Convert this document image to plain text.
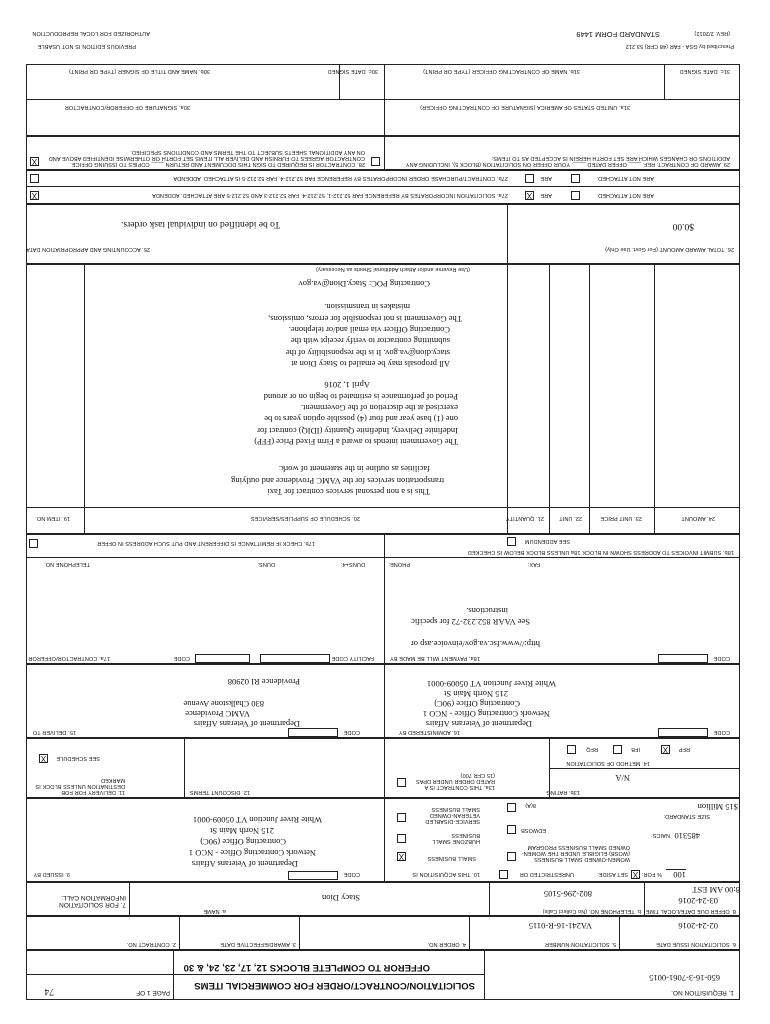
1. REQUISITION NO.
650-16-3-7061-0015
PAGE 1 OF
74	SOLICITATION/CONTRACT/ORDER FOR COMMERCIAL ITEMS
OFFEROR TO COMPLETE BLOCKS 12, 17, 23, 24, & 30
6. SOLICITATION ISSUE DATE
02-24-2016
5. SOLICITATION NUMBER
VA241-16-R-0115
4. ORDER NO.
3. AWARD/EFFECTIVE DATE
2. CONTRACT NO.
8. OFFER DUE DATE/LOCAL TIME
03-24-2016
8:00 AM EST
b. TELEPHONE NO. (No Collect Calls)
802-296-5105
a. NAME
Stacy Dion
7. FOR SOLICITATION INFORMATION CALL:
% FOR:	100
X
SET ASIDE:
UNRESTRICTED OR
10. THIS ACQUISITION IS
WOMEN-OWNED SMALL BUSINESS (WOSB) ELIGIBLE UNDER THE WOMEN-OWNED SMALL BUSINESS PROGRAM
X	SMALL BUSINESS
NAICS: 485310
HUBZONE SMALL BUSINESS
EDWOSB
SIZE STANDARD:
$15 Million
SERVICE-DISABLED VETERAN-OWNED SMALL BUSINESS
8(A)
CODE
9. ISSUED BY
Department of Veterans Affairs
Network Contracting Office - NCO 1
Contracting Office (90C)
215 North Main St
White River Junction VT 05009-0001
13b. RATING
N/A
14. METHOD OF SOLICITATION
X	RFP
IFB
RFQ
13a. THIS CONTRACT IS A RATED ORDER UNDER DPAS (15 CFR 700)
12. DISCOUNT TERMS
11. DELIVERY FOR FOB DESTINATION UNLESS BLOCK IS MARKED
X	SEE SCHEDULE
CODE
16. ADMINISTERED BY
Department of Veterans Affairs
Network Contracting Office - NCO 1
Contracting Office (90C)
215 North Main St
White River Junction VT 05009-0001
CODE
15. DELIVER TO
Department of Veterans Affairs
VAMC Providence
830 Chalkstone Avenue
Providence RI 02908
CODE
18a. PAYMENT WILL BE MADE BY
http://www.fsc.va.gov/einvoice.asp or
See VAAR 852.232-72 for specific
instructions.
FAX:
PHONE:
18b. SUBMIT INVOICES TO ADDRESS SHOWN IN BLOCK 18a UNLESS BLOCK BELOW IS CHECKED
SEE ADDENDUM
FACILITY CODE
CODE
17a. CONTRACTOR/OFFEROR
DUNS+4:
DUNS:
TELEPHONE NO.
17b. CHECK IF REMITTANCE IS DIFFERENT AND PUT SUCH ADDRESS IN OFFER
24. AMOUNT
23. UNIT PRICE
22. UNIT
21. QUANTITY
20. SCHEDULE OF SUPPLIES/SERVICES
19. ITEM NO.
This is a non personal services contract for Taxi
transportation services for the VAMC Providence and outlying
facilities as outline in the statement of work.
The Government intends to award a Firm Fixed Price (FFP)
Indefinite Delivery, Indefinite Quantity (IDIQ) contract for
one (1) base year and four (4) possible option years to be
exercised at the discretion of the Government.
Period of performance is estimated to begin on or around
April 1, 2016
All proposals may be emailed to Stacy Dion at
stacy.dion@va.gov. It is the responsibility of the
submitting contractor to verify receipt with the
Contracting Officer via email and/or telephone.
The Government is not responsible for errors, omissions,
mistakes in transmission.
Contracting POC: Stacy.Dion@va.gov
(Use Reverse and/or Attach Additional Sheets as Necessary)
26. TOTAL AWARD AMOUNT (For Govt. Use Only)
$0.00
25. ACCOUNTING AND APPROPRIATION DATA
To be identified on individual task orders.
ARE NOT ATTACHED.
X	ARE
27a. SOLICITATION INCORPORATES BY REFERENCE FAR 52.212-1, 52.212-4. FAR 52.212-3 AND 52.212-5 ARE ATTACHED. ADDENDA
X
ARE NOT ATTACHED.
ARE
27b. CONTRACT/PURCHASE ORDER INCORPORATES BY REFERENCE FAR 52.212-4. FAR 52.212-5 IS ATTACHED. ADDENDA
29. AWARD OF CONTRACT: REF. ____ OFFER DATED ____. YOUR OFFER ON SOLICITATION (BLOCK 5), INCLUDING ANY ADDITIONS OR CHANGES WHICH ARE SET FORTH HEREIN IS ACCEPTED AS TO ITEMS:
28. CONTRACTOR IS REQUIRED TO SIGN THIS DOCUMENT AND RETURN ____ COPIES TO ISSUING OFFICE. CONTRACTOR AGREES TO FURNISH AND DELIVER ALL ITEMS SET FORTH OR OTHERWISE IDENTIFIED ABOVE AND ON ANY ADDITIONAL SHEETS SUBJECT TO THE TERMS AND CONDITIONS SPECIFIED.
X
31a. UNITED STATES OF AMERICA (SIGNATURE OF CONTRACTING OFFICER)
30a. SIGNATURE OF OFFEROR/CONTRACTOR
31c. DATE SIGNED
31b. NAME OF CONTRACTING OFFICER (TYPE OR PRINT)
30c. DATE SIGNED
30b. NAME AND TITLE OF SIGNER (TYPE OR PRINT)
Prescribed by GSA - FAR (48 CFR) 53.212
(REV. 2/2012)
STANDARD FORM 1449
PREVIOUS EDITION IS NOT USABLE
AUTHORIZED FOR LOCAL REPRODUCTION
